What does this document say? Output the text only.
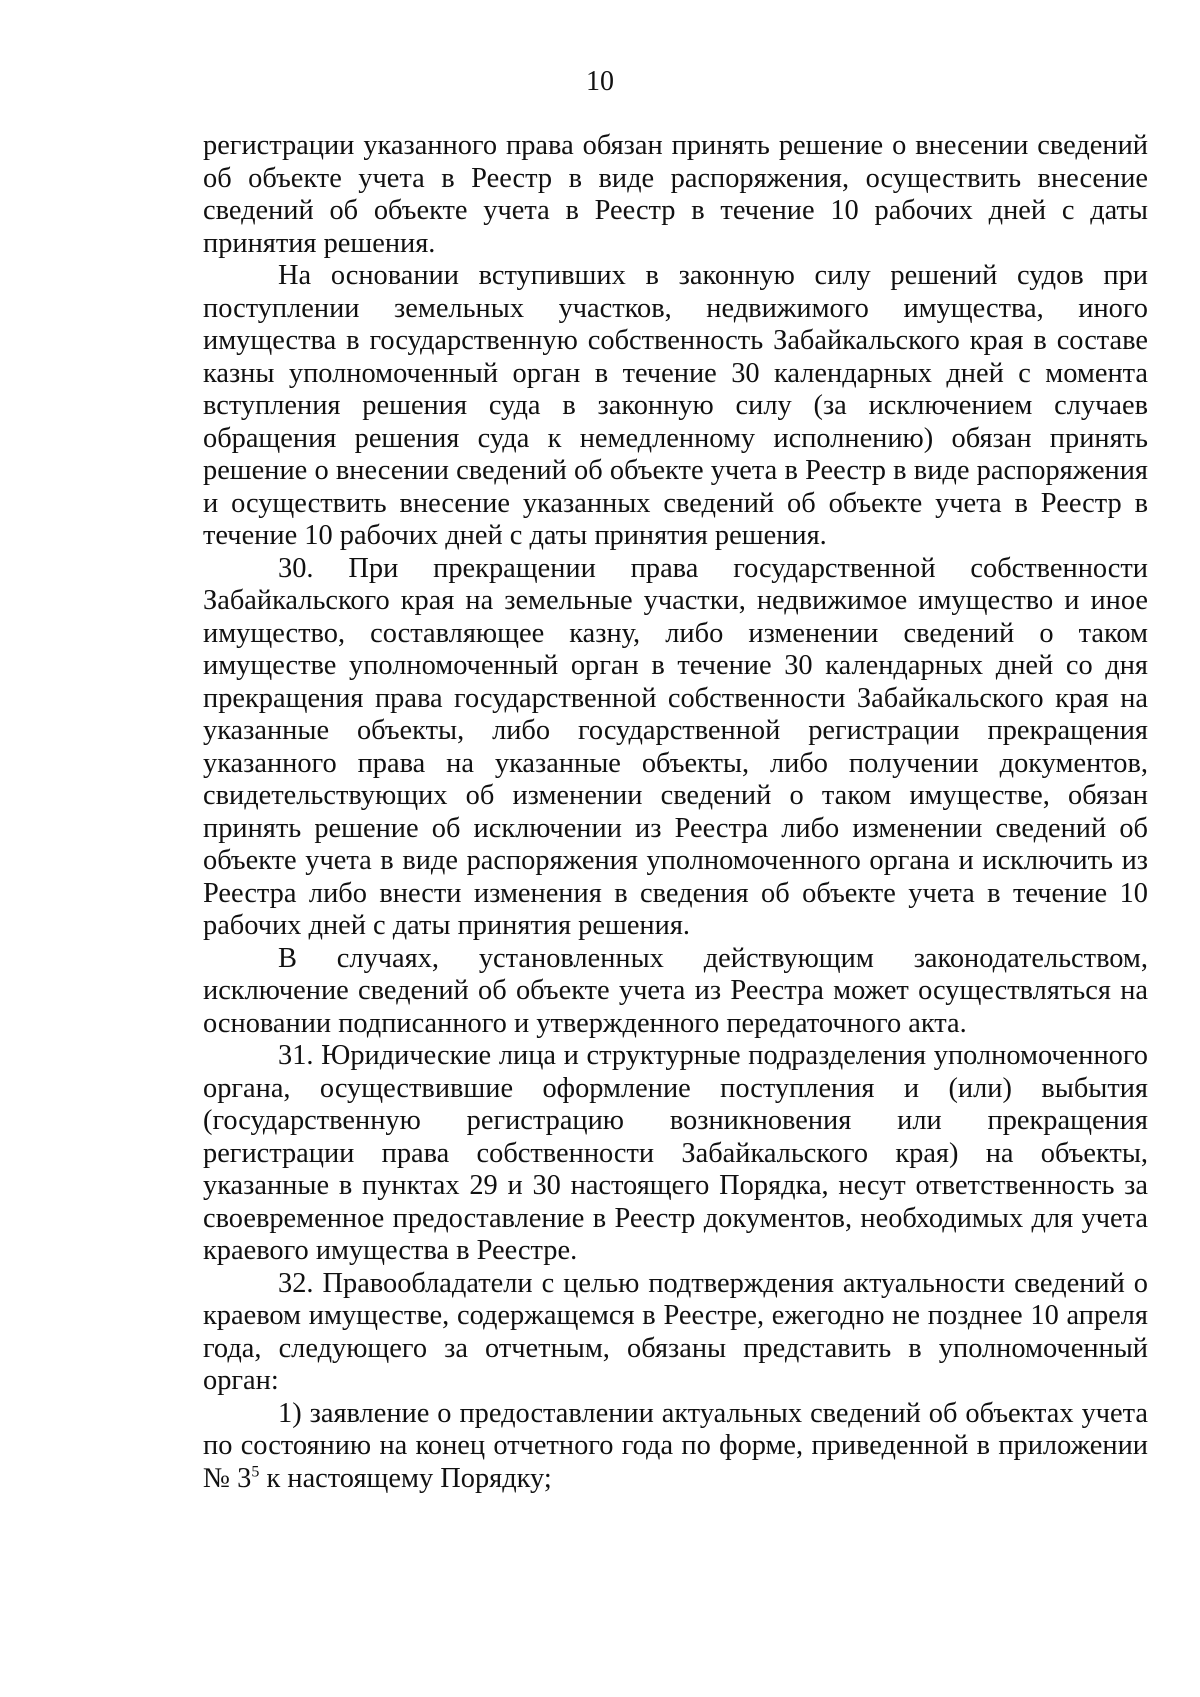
10

регистрации указанного права обязан принять решение о внесении сведений об объекте учета в Реестр в виде распоряжения, осуществить внесение сведений об объекте учета в Реестр в течение 10 рабочих дней с даты принятия решения.

На основании вступивших в законную силу решений судов при поступлении земельных участков, недвижимого имущества, иного имущества в государственную собственность Забайкальского края в составе казны уполномоченный орган в течение 30 календарных дней с момента вступления решения суда в законную силу (за исключением случаев обращения решения суда к немедленному исполнению) обязан принять решение о внесении сведений об объекте учета в Реестр в виде распоряжения и осуществить внесение указанных сведений об объекте учета в Реестр в течение 10 рабочих дней с даты принятия решения.

30. При прекращении права государственной собственности Забайкальского края на земельные участки, недвижимое имущество и иное имущество, составляющее казну, либо изменении сведений о таком имуществе уполномоченный орган в течение 30 календарных дней со дня прекращения права государственной собственности Забайкальского края на указанные объекты, либо государственной регистрации прекращения указанного права на указанные объекты, либо получении документов, свидетельствующих об изменении сведений о таком имуществе, обязан принять решение об исключении из Реестра либо изменении сведений об объекте учета в виде распоряжения уполномоченного органа и исключить из Реестра либо внести изменения в сведения об объекте учета в течение 10 рабочих дней с даты принятия решения.

В случаях, установленных действующим законодательством, исключение сведений об объекте учета из Реестра может осуществляться на основании подписанного и утвержденного передаточного акта.

31. Юридические лица и структурные подразделения уполномоченного органа, осуществившие оформление поступления и (или) выбытия (государственную регистрацию возникновения или прекращения регистрации права собственности Забайкальского края) на объекты, указанные в пунктах 29 и 30 настоящего Порядка, несут ответственность за своевременное предоставление в Реестр документов, необходимых для учета краевого имущества в Реестре.

32. Правообладатели с целью подтверждения актуальности сведений о краевом имуществе, содержащемся в Реестре, ежегодно не позднее 10 апреля года, следующего за отчетным, обязаны представить в уполномоченный орган:

1) заявление о предоставлении актуальных сведений об объектах учета по состоянию на конец отчетного года по форме, приведенной в приложении № $3^5$ к настоящему Порядку;
